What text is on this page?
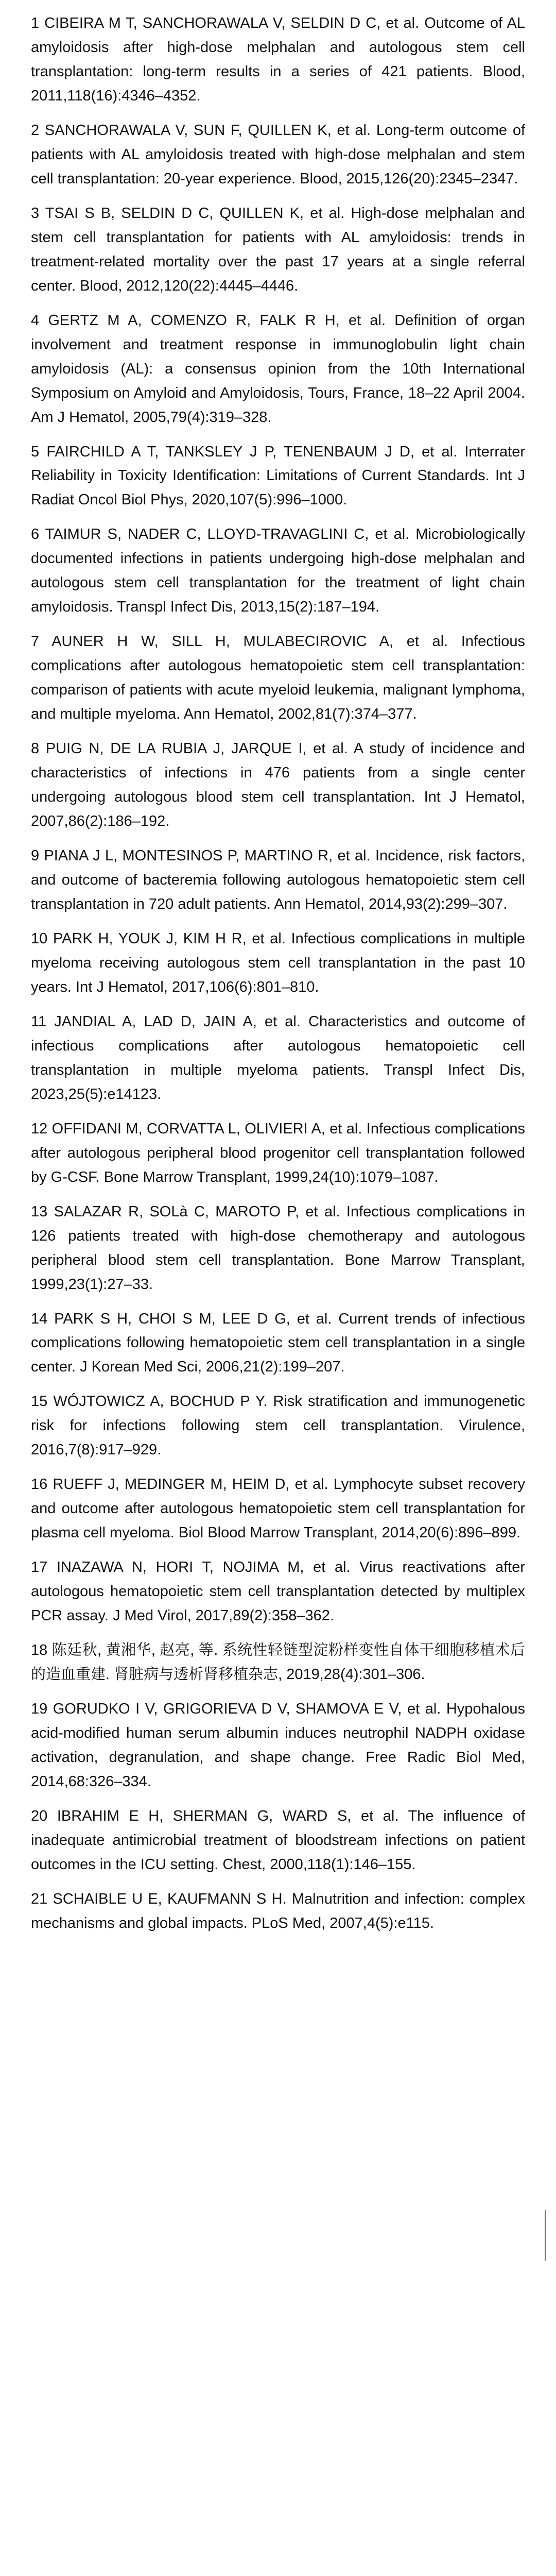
1 CIBEIRA M T, SANCHORAWALA V, SELDIN D C, et al. Outcome of AL amyloidosis after high-dose melphalan and autologous stem cell transplantation: long-term results in a series of 421 patients. Blood, 2011,118(16):4346–4352.
2 SANCHORAWALA V, SUN F, QUILLEN K, et al. Long-term outcome of patients with AL amyloidosis treated with high-dose melphalan and stem cell transplantation: 20-year experience. Blood, 2015,126(20):2345–2347.
3 TSAI S B, SELDIN D C, QUILLEN K, et al. High-dose melphalan and stem cell transplantation for patients with AL amyloidosis: trends in treatment-related mortality over the past 17 years at a single referral center. Blood, 2012,120(22):4445–4446.
4 GERTZ M A, COMENZO R, FALK R H, et al. Definition of organ involvement and treatment response in immunoglobulin light chain amyloidosis (AL): a consensus opinion from the 10th International Symposium on Amyloid and Amyloidosis, Tours, France, 18–22 April 2004. Am J Hematol, 2005,79(4):319–328.
5 FAIRCHILD A T, TANKSLEY J P, TENENBAUM J D, et al. Interrater Reliability in Toxicity Identification: Limitations of Current Standards. Int J Radiat Oncol Biol Phys, 2020,107(5):996–1000.
6 TAIMUR S, NADER C, LLOYD-TRAVAGLINI C, et al. Microbiologically documented infections in patients undergoing high-dose melphalan and autologous stem cell transplantation for the treatment of light chain amyloidosis. Transpl Infect Dis, 2013,15(2):187–194.
7 AUNER H W, SILL H, MULABECIROVIC A, et al. Infectious complications after autologous hematopoietic stem cell transplantation: comparison of patients with acute myeloid leukemia, malignant lymphoma, and multiple myeloma. Ann Hematol, 2002,81(7):374–377.
8 PUIG N, DE LA RUBIA J, JARQUE I, et al. A study of incidence and characteristics of infections in 476 patients from a single center undergoing autologous blood stem cell transplantation. Int J Hematol, 2007,86(2):186–192.
9 PIANA J L, MONTESINOS P, MARTINO R, et al. Incidence, risk factors, and outcome of bacteremia following autologous hematopoietic stem cell transplantation in 720 adult patients. Ann Hematol, 2014,93(2):299–307.
10 PARK H, YOUK J, KIM H R, et al. Infectious complications in multiple myeloma receiving autologous stem cell transplantation in the past 10 years. Int J Hematol, 2017,106(6):801–810.
11 JANDIAL A, LAD D, JAIN A, et al. Characteristics and outcome of infectious complications after autologous hematopoietic cell transplantation in multiple myeloma patients. Transpl Infect Dis, 2023,25(5):e14123.
12 OFFIDANI M, CORVATTA L, OLIVIERI A, et al. Infectious complications after autologous peripheral blood progenitor cell transplantation followed by G-CSF. Bone Marrow Transplant, 1999,24(10):1079–1087.
13 SALAZAR R, SOLà C, MAROTO P, et al. Infectious complications in 126 patients treated with high-dose chemotherapy and autologous peripheral blood stem cell transplantation. Bone Marrow Transplant, 1999,23(1):27–33.
14 PARK S H, CHOI S M, LEE D G, et al. Current trends of infectious complications following hematopoietic stem cell transplantation in a single center. J Korean Med Sci, 2006,21(2):199–207.
15 WÓJTOWICZ A, BOCHUD P Y. Risk stratification and immunogenetic risk for infections following stem cell transplantation. Virulence, 2016,7(8):917–929.
16 RUEFF J, MEDINGER M, HEIM D, et al. Lymphocyte subset recovery and outcome after autologous hematopoietic stem cell transplantation for plasma cell myeloma. Biol Blood Marrow Transplant, 2014,20(6):896–899.
17 INAZAWA N, HORI T, NOJIMA M, et al. Virus reactivations after autologous hematopoietic stem cell transplantation detected by multiplex PCR assay. J Med Virol, 2017,89(2):358–362.
18 陈廷秋, 黄湘华, 赵亮, 等. 系统性轻链型淀粉样变性自体干细胞移植术后的造血重建. 肾脏病与透析肾移植杂志, 2019,28(4):301–306.
19 GORUDKO I V, GRIGORIEVA D V, SHAMOVA E V, et al. Hypohalous acid-modified human serum albumin induces neutrophil NADPH oxidase activation, degranulation, and shape change. Free Radic Biol Med, 2014,68:326–334.
20 IBRAHIM E H, SHERMAN G, WARD S, et al. The influence of inadequate antimicrobial treatment of bloodstream infections on patient outcomes in the ICU setting. Chest, 2000,118(1):146–155.
21 SCHAIBLE U E, KAUFMANN S H. Malnutrition and infection: complex mechanisms and global impacts. PLoS Med, 2007,4(5):e115.
